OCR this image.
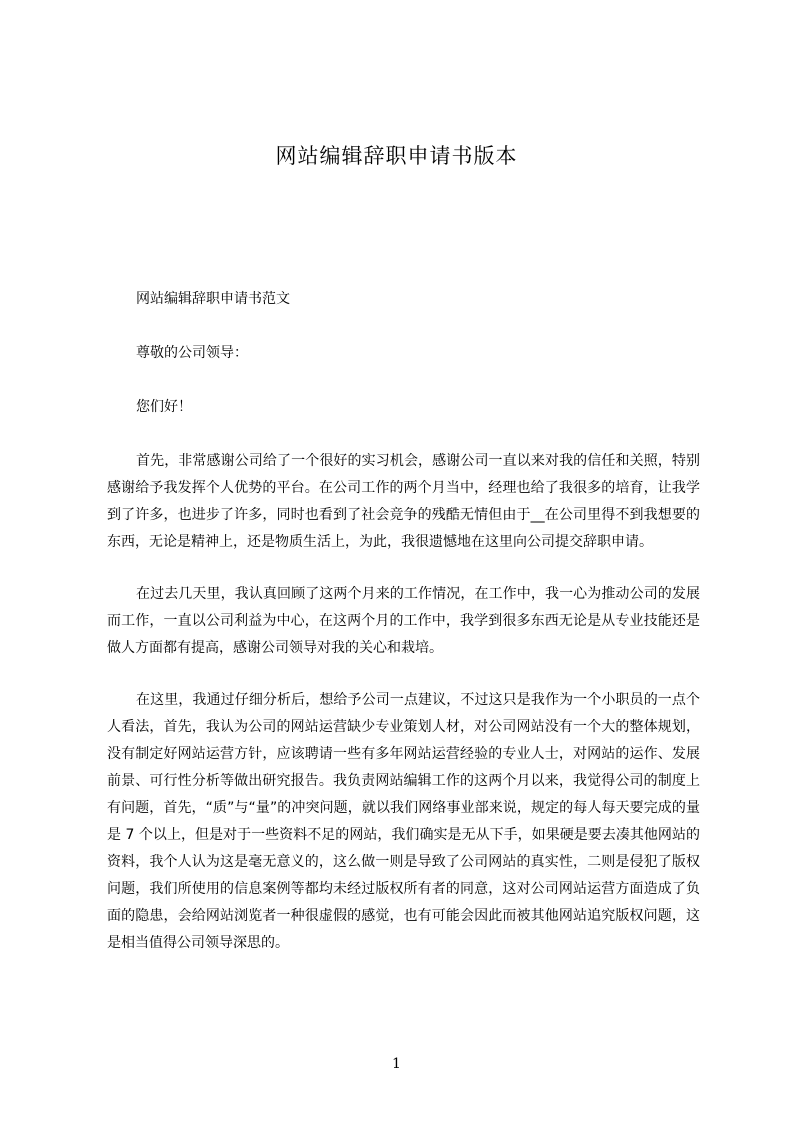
网站编辑辞职申请书版本

网站编辑辞职申请书范文

尊敬的公司领导：

您们好！

首先，非常感谢公司给了一个很好的实习机会，感谢公司一直以来对我的信任和关照，特别感谢给予我发挥个人优势的平台。在公司工作的两个月当中，经理也给了我很多的培育，让我学到了许多，也进步了许多，同时也看到了社会竞争的残酷无情但由于__在公司里得不到我想要的东西，无论是精神上，还是物质生活上，为此，我很遗憾地在这里向公司提交辞职申请。

在过去几天里，我认真回顾了这两个月来的工作情况，在工作中，我一心为推动公司的发展而工作，一直以公司利益为中心，在这两个月的工作中，我学到很多东西无论是从专业技能还是做人方面都有提高，感谢公司领导对我的关心和栽培。

在这里，我通过仔细分析后，想给予公司一点建议，不过这只是我作为一个小职员的一点个人看法，首先，我认为公司的网站运营缺少专业策划人材，对公司网站没有一个大的整体规划，没有制定好网站运营方针，应该聘请一些有多年网站运营经验的专业人士，对网站的运作、发展前景、可行性分析等做出研究报告。我负责网站编辑工作的这两个月以来，我觉得公司的制度上有问题，首先，“质”与“量”的冲突问题，就以我们网络事业部来说，规定的每人每天要完成的量是 7 个以上，但是对于一些资料不足的网站，我们确实是无从下手，如果硬是要去凑其他网站的资料，我个人认为这是毫无意义的，这么做一则是导致了公司网站的真实性，二则是侵犯了版权问题，我们所使用的信息案例等都均未经过版权所有者的同意，这对公司网站运营方面造成了负面的隐患，会给网站浏览者一种很虚假的感觉，也有可能会因此而被其他网站追究版权问题，这是相当值得公司领导深思的。

1
